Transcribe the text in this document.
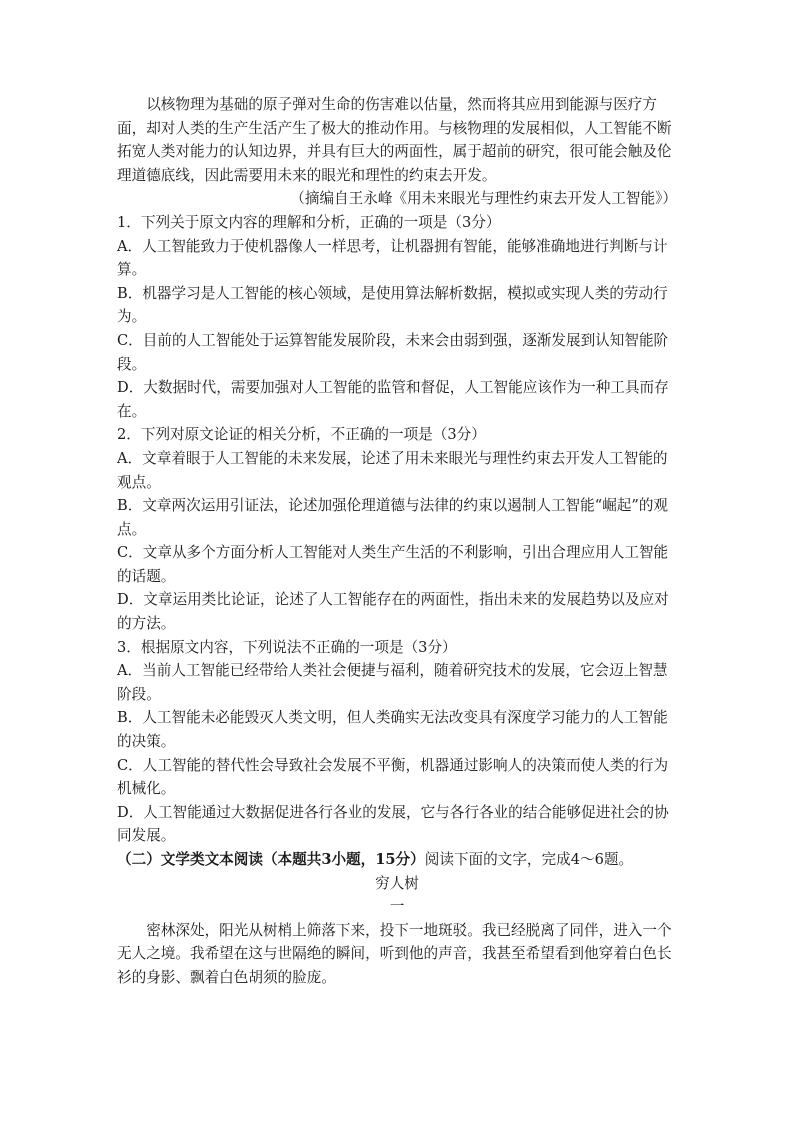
以核物理为基础的原子弹对生命的伤害难以估量，然而将其应用到能源与医疗方面，却对人类的生产生活产生了极大的推动作用。与核物理的发展相似，人工智能不断拓宽人类对能力的认知边界，并具有巨大的两面性，属于超前的研究，很可能会触及伦理道德底线，因此需要用未来的眼光和理性的约束去开发。

（摘编自王永峰《用未来眼光与理性约束去开发人工智能》）

1．下列关于原文内容的理解和分析，正确的一项是（3分）

A．人工智能致力于使机器像人一样思考，让机器拥有智能，能够准确地进行判断与计算。

B．机器学习是人工智能的核心领域，是使用算法解析数据，模拟或实现人类的劳动行为。

C．目前的人工智能处于运算智能发展阶段，未来会由弱到强，逐渐发展到认知智能阶段。

D．大数据时代，需要加强对人工智能的监管和督促，人工智能应该作为一种工具而存在。

2．下列对原文论证的相关分析，不正确的一项是（3分）

A．文章着眼于人工智能的未来发展，论述了用未来眼光与理性约束去开发人工智能的观点。

B．文章两次运用引证法，论述加强伦理道德与法律的约束以遏制人工智能“崛起”的观点。

C．文章从多个方面分析人工智能对人类生产生活的不利影响，引出合理应用人工智能的话题。

D．文章运用类比论证，论述了人工智能存在的两面性，指出未来的发展趋势以及应对的方法。

3．根据原文内容，下列说法不正确的一项是（3分）

A．当前人工智能已经带给人类社会便捷与福利，随着研究技术的发展，它会迈上智慧阶段。

B．人工智能未必能毁灭人类文明，但人类确实无法改变具有深度学习能力的人工智能的决策。

C．人工智能的替代性会导致社会发展不平衡，机器通过影响人的决策而使人类的行为机械化。

D．人工智能通过大数据促进各行各业的发展，它与各行各业的结合能够促进社会的协同发展。

（二）文学类文本阅读（本题共3小题，15分）阅读下面的文字，完成4～6题。

穷人树

一

密林深处，阳光从树梢上筛落下来，投下一地斑驳。我已经脱离了同伴，进入一个无人之境。我希望在这与世隔绝的瞬间，听到他的声音，我甚至希望看到他穿着白色长衫的身影、飘着白色胡须的脸庞。
